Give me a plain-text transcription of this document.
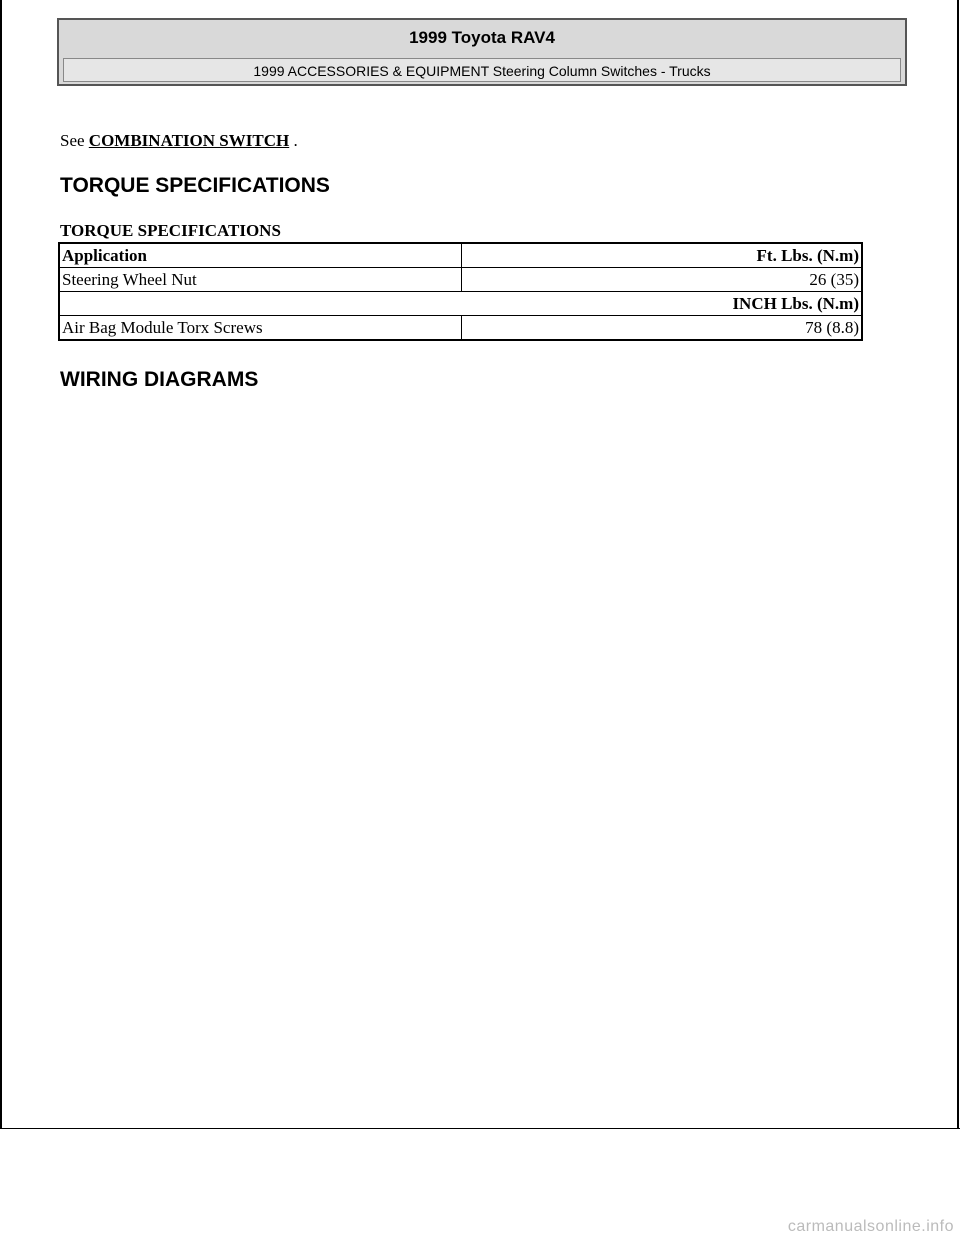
1999 Toyota RAV4
1999 ACCESSORIES & EQUIPMENT Steering Column Switches - Trucks
See COMBINATION SWITCH .
TORQUE SPECIFICATIONS
TORQUE SPECIFICATIONS
Application	Ft. Lbs. (N.m)
Steering Wheel Nut	26 (35)
INCH Lbs. (N.m)	
Air Bag Module Torx Screws	78 (8.8)
WIRING DIAGRAMS
carmanualsonline.info
